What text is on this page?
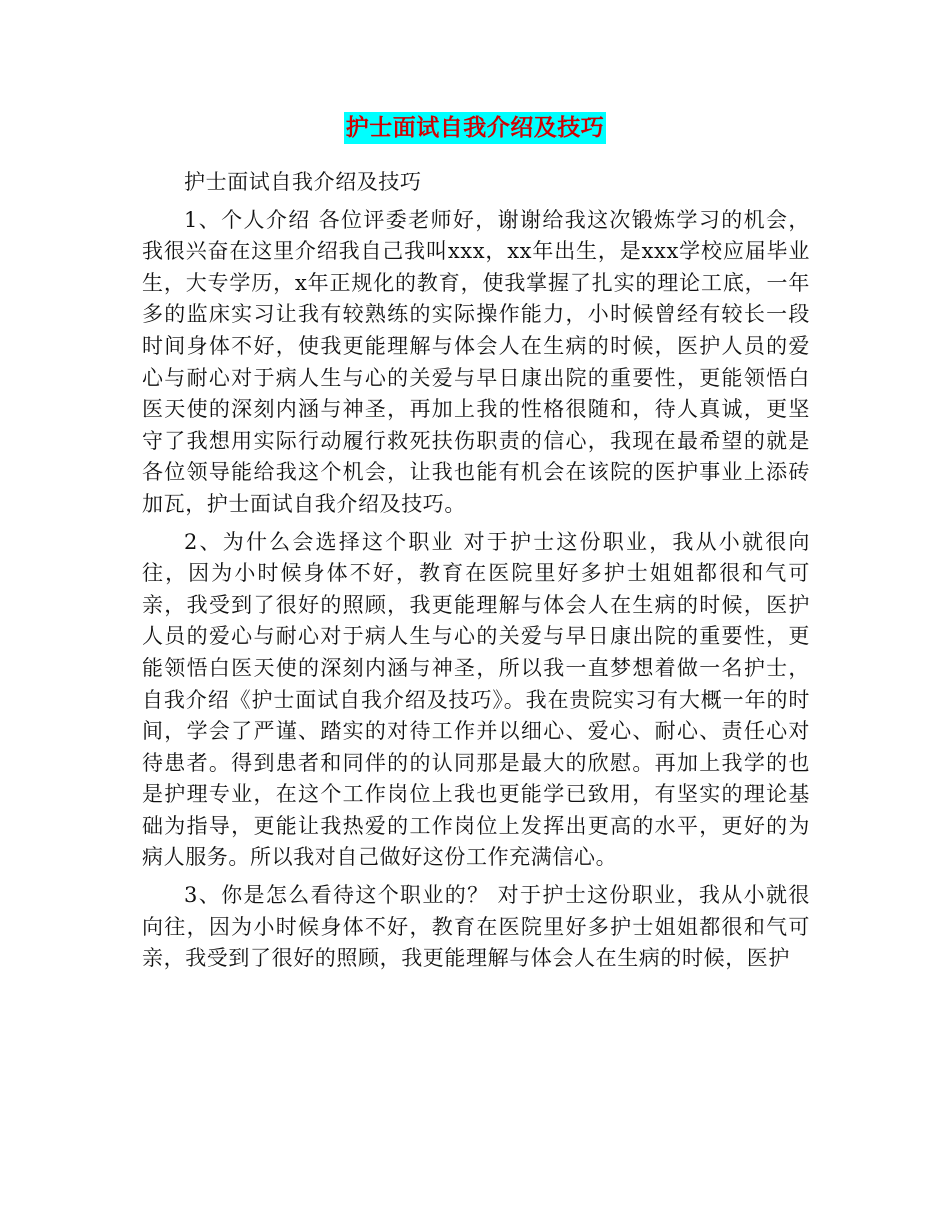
护士面试自我介绍及技巧

护士面试自我介绍及技巧

1、个人介绍 各位评委老师好，谢谢给我这次锻炼学习的机会，我很兴奋在这里介绍我自己我叫xxx，xx年出生，是xxx学校应届毕业生，大专学历，x年正规化的教育，使我掌握了扎实的理论工底，一年多的监床实习让我有较熟练的实际操作能力，小时候曾经有较长一段时间身体不好，使我更能理解与体会人在生病的时候，医护人员的爱心与耐心对于病人生与心的关爱与早日康出院的重要性，更能领悟白医天使的深刻内涵与神圣，再加上我的性格很随和，待人真诚，更坚守了我想用实际行动履行救死扶伤职责的信心，我现在最希望的就是各位领导能给我这个机会，让我也能有机会在该院的医护事业上添砖加瓦，护士面试自我介绍及技巧。

2、为什么会选择这个职业 对于护士这份职业，我从小就很向往，因为小时候身体不好，教育在医院里好多护士姐姐都很和气可亲，我受到了很好的照顾，我更能理解与体会人在生病的时候，医护人员的爱心与耐心对于病人生与心的关爱与早日康出院的重要性，更能领悟白医天使的深刻内涵与神圣，所以我一直梦想着做一名护士，自我介绍《护士面试自我介绍及技巧》。我在贵院实习有大概一年的时间，学会了严谨、踏实的对待工作并以细心、爱心、耐心、责任心对待患者。得到患者和同伴的的认同那是最大的欣慰。再加上我学的也是护理专业，在这个工作岗位上我也更能学已致用，有坚实的理论基础为指导，更能让我热爱的工作岗位上发挥出更高的水平，更好的为病人服务。所以我对自己做好这份工作充满信心。

3、你是怎么看待这个职业的？ 对于护士这份职业，我从小就很向往，因为小时候身体不好，教育在医院里好多护士姐姐都很和气可亲，我受到了很好的照顾，我更能理解与体会人在生病的时候，医护
